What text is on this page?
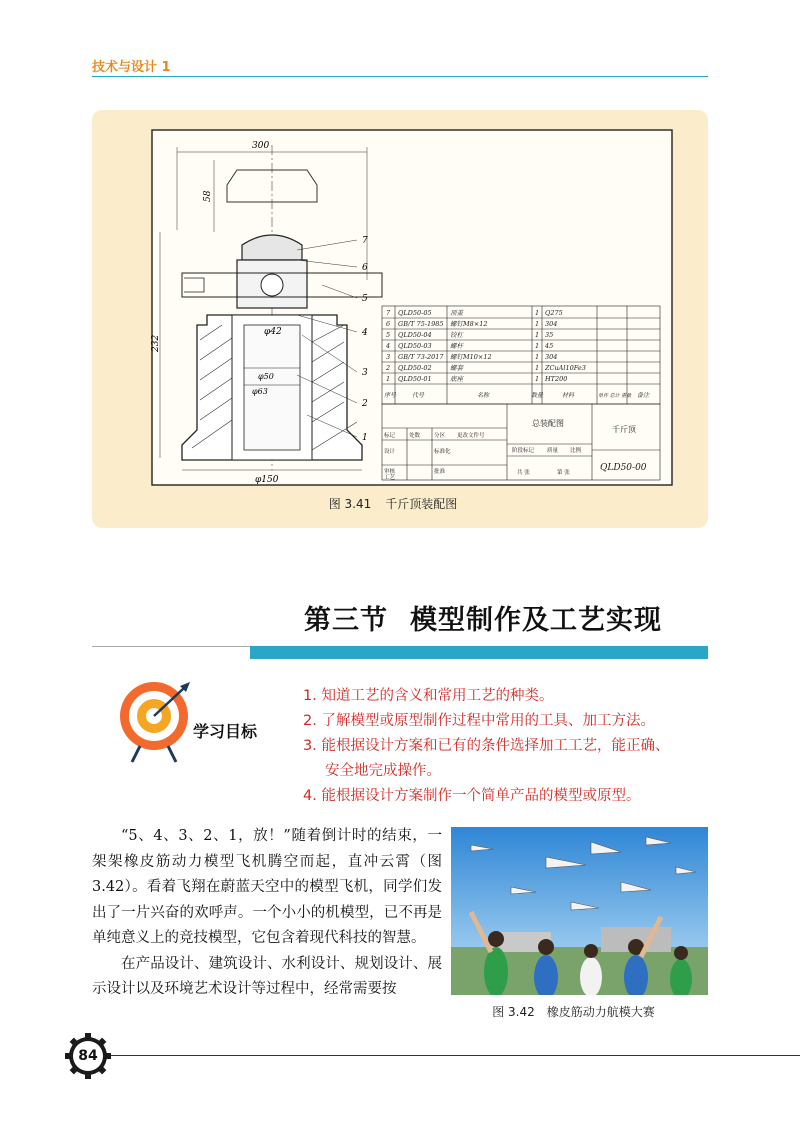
技术与设计 1
300
58
232
φ42
φ50
φ63
φ150
7
6
5
4
3
2
1
7 QLD50-05	顶盖	1 Q275
6 GB/T 75-1985 螺钉M8×12	1 304
5 QLD50-04	铰杠	1 35
4 QLD50-03	螺杆	1 45
3 GB/T 73-2017 螺钉M10×12	1 304
2 QLD50-02	螺套	1 ZCuAl10Fe3
1 QLD50-01	底座	1 HT200
序号	代号	名称	数量	材料	单件 总计 重量 备注
标记	处数	分区 更改文件号
设计	标准化
审核
工艺
批准
阶段标记 质量 比例
共 张	第 张
总装配图
千斤顶
QLD50-00
图 3.41 千斤顶装配图
第三节 模型制作及工艺实现
学习目标
1. 知道工艺的含义和常用工艺的种类。
2. 了解模型或原型制作过程中常用的工具、加工方法。
3. 能根据设计方案和已有的条件选择加工工艺，能正确、
安全地完成操作。
4. 能根据设计方案制作一个简单产品的模型或原型。

“5、4、3、2、1，放！”随着倒计时的结束，一架架橡皮筋动力模型飞机腾空而起，直冲云霄（图 3.42）。看着飞翔在蔚蓝天空中的模型飞机，同学们发出了一片兴奋的欢呼声。一个小小的机模型，已不再是单纯意义上的竞技模型，它包含着现代科技的智慧。

在产品设计、建筑设计、水利设计、规划设计、展示设计以及环境艺术设计等过程中，经常需要按

图 3.42 橡皮筋动力航模大赛
84
